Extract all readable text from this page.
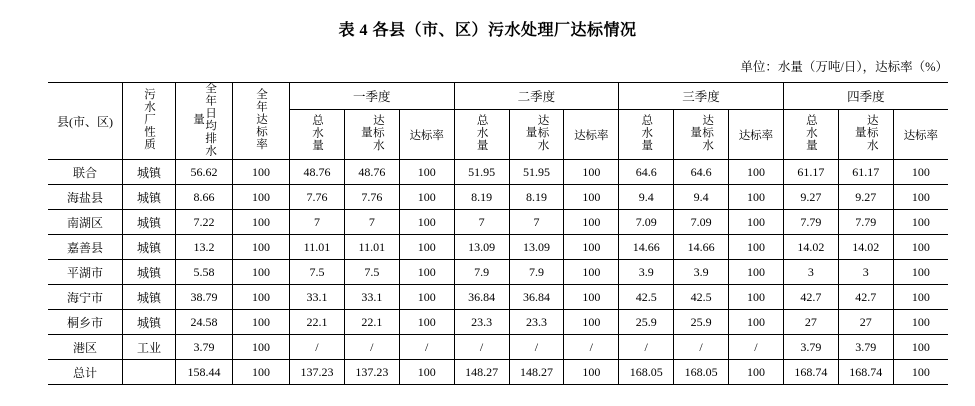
表 4 各县（市、区）污水处理厂达标情况
单位：水量（万吨/日），达标率（%）
县(市、区)	污水厂性质	全年日均排水量	全年达标率	一季度			二季度			三季度			四季度		
				总水量	达标水量	达标率	总水量	达标水量	达标率	总水量	达标水量	达标率	总水量	达标水量	达标率
联合	城镇	56.62	100	48.76	48.76	100	51.95	51.95	100	64.6	64.6	100	61.17	61.17	100
海盐县	城镇	8.66	100	7.76	7.76	100	8.19	8.19	100	9.4	9.4	100	9.27	9.27	100
南湖区	城镇	7.22	100	7	7	100	7	7	100	7.09	7.09	100	7.79	7.79	100
嘉善县	城镇	13.2	100	11.01	11.01	100	13.09	13.09	100	14.66	14.66	100	14.02	14.02	100
平湖市	城镇	5.58	100	7.5	7.5	100	7.9	7.9	100	3.9	3.9	100	3	3	100
海宁市	城镇	38.79	100	33.1	33.1	100	36.84	36.84	100	42.5	42.5	100	42.7	42.7	100
桐乡市	城镇	24.58	100	22.1	22.1	100	23.3	23.3	100	25.9	25.9	100	27	27	100
港区	工业	3.79	100	/	/	/	/	/	/	/	/	/	3.79	3.79	100
总计		158.44	100	137.23	137.23	100	148.27	148.27	100	168.05	168.05	100	168.74	168.74	100
